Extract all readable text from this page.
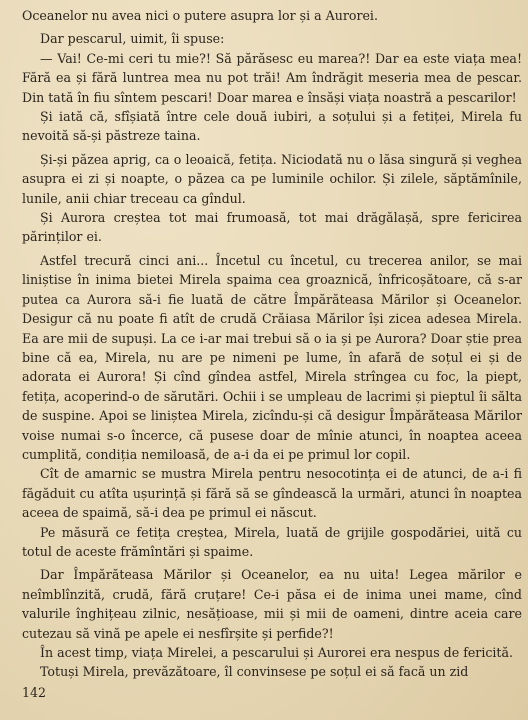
Oceanelor nu avea nici o putere asupra lor și a Aurorei.

Dar pescarul, uimit, îi spuse:

— Vai! Ce-mi ceri tu mie?! Să părăsesc eu marea?! Dar ea este viața mea! Fără ea și fără luntrea mea nu pot trăi! Am îndrăgit meseria mea de pescar. Din tată în fiu sîntem pescari! Doar marea e însăși viața noastră a pescarilor!

Și iată că, sfîșiată între cele două iubiri, a soțului și a fetiței, Mirela fu nevoită să-și păstreze taina.

Și-și păzea aprig, ca o leoaică, fetița. Niciodată nu o lăsa singură și veghea asupra ei zi și noapte, o păzea ca pe luminile ochilor. Și zilele, săptămînile, lunile, anii chiar treceau ca gîndul.

Și Aurora creștea tot mai frumoasă, tot mai drăgălașă, spre fericirea părinților ei.

Astfel trecură cinci ani... Încetul cu încetul, cu trecerea anilor, se mai liniștise în inima bietei Mirela spaima cea groaznică, înfricoșătoare, că s-ar putea ca Aurora să-i fie luată de către Împărăteasa Mărilor și Oceanelor. Desigur că nu poate fi atît de crudă Crăiasa Mărilor își zicea adesea Mirela. Ea are mii de supuși. La ce i-ar mai trebui să o ia și pe Aurora? Doar știe prea bine că ea, Mirela, nu are pe nimeni pe lume, în afară de soțul ei și de adorata ei Aurora! Și cînd gîndea astfel, Mirela strîngea cu foc, la piept, fetița, acoperind-o de sărutări. Ochii i se umpleau de lacrimi și pieptul îi sălta de suspine. Apoi se liniștea Mirela, zicîndu-și că desigur Împărăteasa Mărilor voise numai s-o încerce, că pusese doar de mînie atunci, în noaptea aceea cumplită, condiția nemiloasă, de a-i da ei pe primul lor copil.

Cît de amarnic se mustra Mirela pentru nesocotința ei de atunci, de a-i fi făgăduit cu atîta ușurință și fără să se gîndească la urmări, atunci în noaptea aceea de spaimă, să-i dea pe primul ei născut.

Pe măsură ce fetița creștea, Mirela, luată de grijile gospodăriei, uită cu totul de aceste frămîntări și spaime.

Dar Împărăteasa Mărilor și Oceanelor, ea nu uita! Legea mărilor e neîmblînzită, crudă, fără cruțare! Ce-i păsa ei de inima unei mame, cînd valurile înghițeau zilnic, nesățioase, mii și mii de oameni, dintre aceia care cutezau să vină pe apele ei nesfîrșite și perfide?!

În acest timp, viața Mirelei, a pescarului și Aurorei era nespus de fericită.

Totuși Mirela, prevăzătoare, îl convinsese pe soțul ei să facă un zid

142
